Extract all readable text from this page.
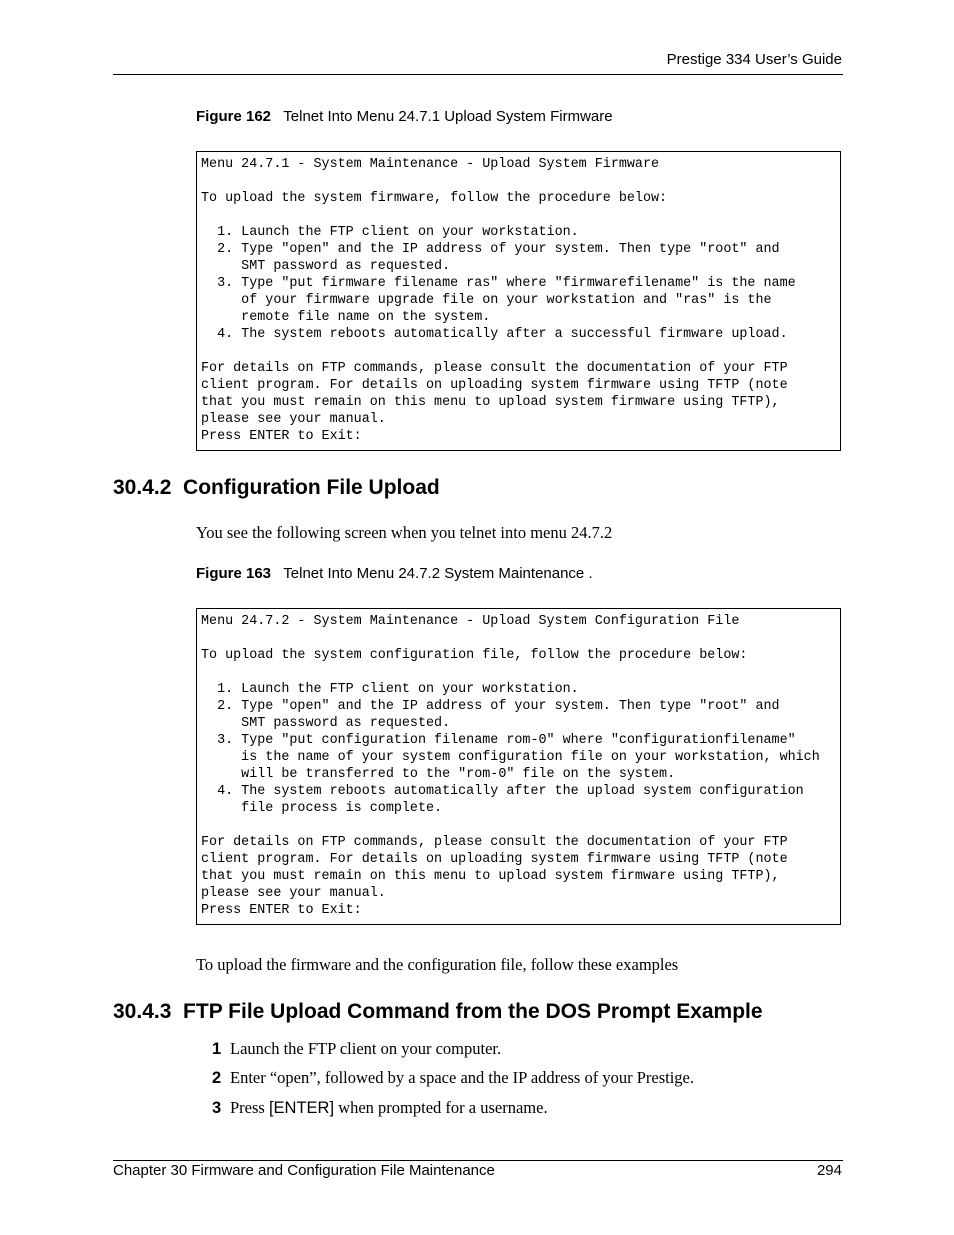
Prestige 334 User’s Guide
Figure 162 Telnet Into Menu 24.7.1 Upload System Firmware
Menu 24.7.1 - System Maintenance - Upload System Firmware
To upload the system firmware, follow the procedure below:
1. Launch the FTP client on your workstation.
2. Type "open" and the IP address of your system. Then type "root" and
SMT password as requested.
3. Type "put firmware filename ras" where "firmwarefilename" is the name
of your firmware upgrade file on your workstation and "ras" is the
remote file name on the system.
4. The system reboots automatically after a successful firmware upload.
For details on FTP commands, please consult the documentation of your FTP
client program. For details on uploading system firmware using TFTP (note
that you must remain on this menu to upload system firmware using TFTP),
please see your manual.
Press ENTER to Exit:
30.4.2  Configuration File Upload
You see the following screen when you telnet into menu 24.7.2
Figure 163 Telnet Into Menu 24.7.2 System Maintenance .
Menu 24.7.2 - System Maintenance - Upload System Configuration File
To upload the system configuration file, follow the procedure below:
1. Launch the FTP client on your workstation.
2. Type "open" and the IP address of your system. Then type "root" and
SMT password as requested.
3. Type "put configuration filename rom-0" where "configurationfilename"
is the name of your system configuration file on your workstation, which
will be transferred to the "rom-0" file on the system.
4. The system reboots automatically after the upload system configuration
file process is complete.
For details on FTP commands, please consult the documentation of your FTP
client program. For details on uploading system firmware using TFTP (note
that you must remain on this menu to upload system firmware using TFTP),
please see your manual.
Press ENTER to Exit:
To upload the firmware and the configuration file, follow these examples
30.4.3  FTP File Upload Command from the DOS Prompt Example
1 Launch the FTP client on your computer.
2 Enter “open”, followed by a space and the IP address of your Prestige.
3 Press [ENTER] when prompted for a username.
Chapter 30 Firmware and Configuration File Maintenance	294
